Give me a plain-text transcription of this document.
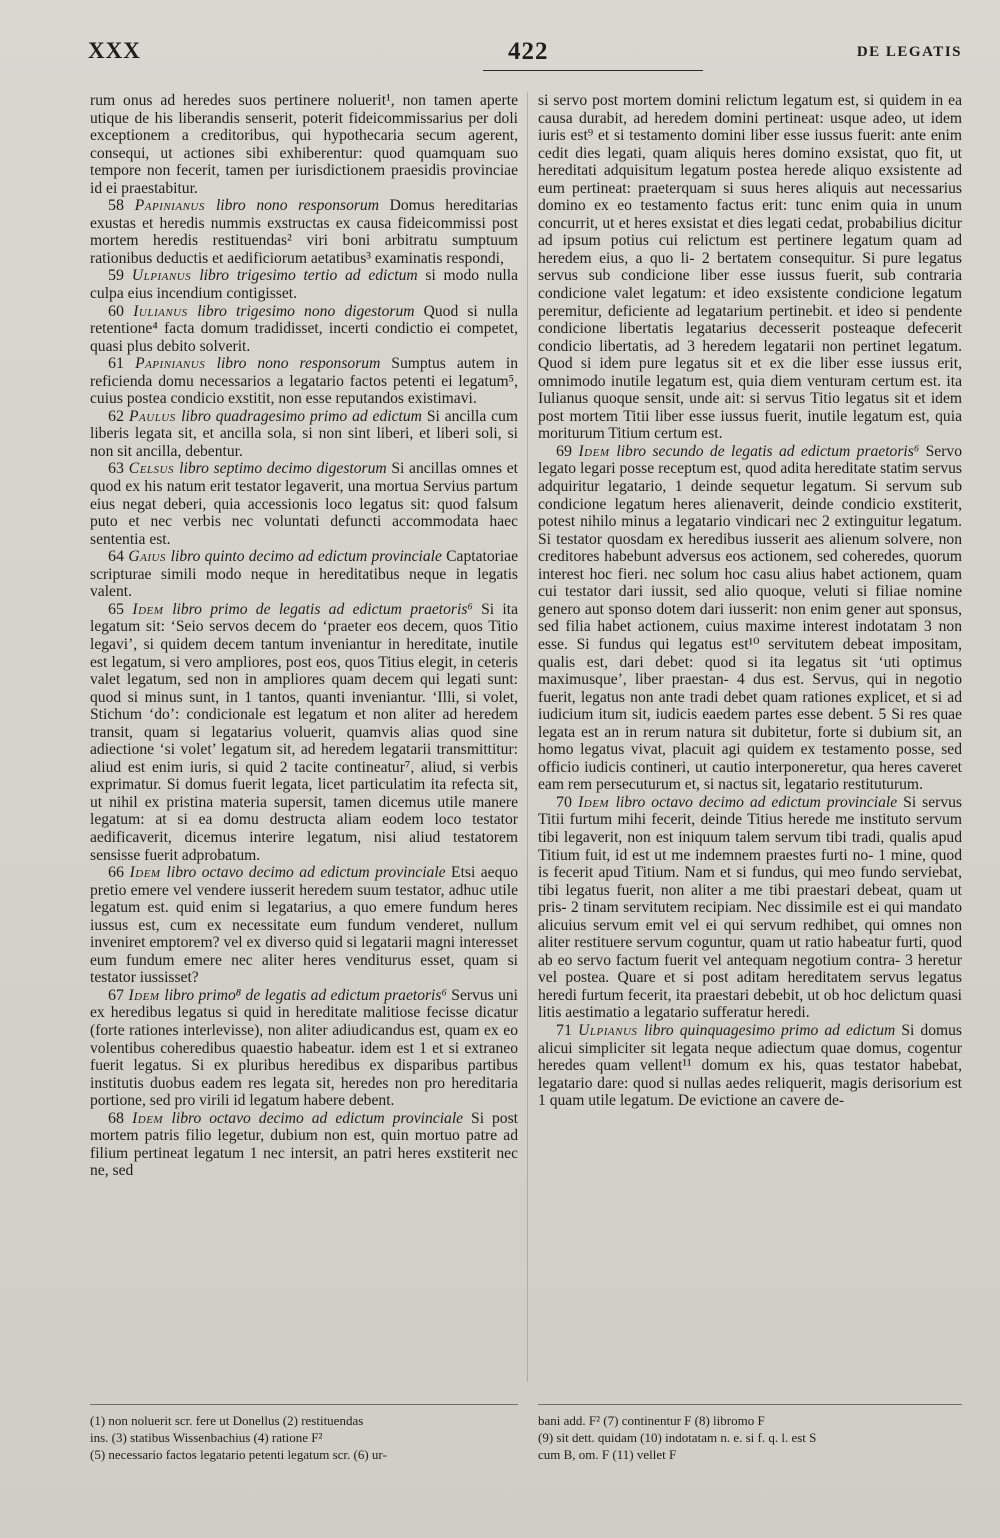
XXX	422	DE LEGATIS

rum onus ad heredes suos pertinere noluerit¹, non tamen aperte utique de his liberandis senserit, poterit fideicommissarius per doli exceptionem a creditoribus, qui hypothecaria secum agerent, consequi, ut actiones sibi exhiberentur: quod quamquam suo tempore non fecerit, tamen per iurisdictionem praesidis provinciae id ei praestabitur.

58 Papinianus libro nono responsorum Domus hereditarias exustas et heredis nummis exstructas ex causa fideicommissi post mortem heredis restituendas² viri boni arbitratu sumptuum rationibus deductis et aedificiorum aetatibus³ examinatis respondi,

59 Ulpianus libro trigesimo tertio ad edictum si modo nulla culpa eius incendium contigisset.

60 Iulianus libro trigesimo nono digestorum Quod si nulla retentione⁴ facta domum tradidisset, incerti condictio ei competet, quasi plus debito solverit.

61 Papinianus libro nono responsorum Sumptus autem in reficienda domu necessarios a legatario factos petenti ei legatum⁵, cuius postea condicio exstitit, non esse reputandos existimavi.

62 Paulus libro quadragesimo primo ad edictum Si ancilla cum liberis legata sit, et ancilla sola, si non sint liberi, et liberi soli, si non sit ancilla, debentur.

63 Celsus libro septimo decimo digestorum Si ancillas omnes et quod ex his natum erit testator legaverit, una mortua Servius partum eius negat deberi, quia accessionis loco legatus sit: quod falsum puto et nec verbis nec voluntati defuncti accommodata haec sententia est.

64 Gaius libro quinto decimo ad edictum provinciale Captatoriae scripturae simili modo neque in hereditatibus neque in legatis valent.

65 Idem libro primo de legatis ad edictum praetoris⁶ Si ita legatum sit: ‘Seio servos decem do ‘praeter eos decem, quos Titio legavi’, si quidem decem tantum inveniantur in hereditate, inutile est legatum, si vero ampliores, post eos, quos Titius elegit, in ceteris valet legatum, sed non in ampliores quam decem qui legati sunt: quod si minus sunt, in 1 tantos, quanti inveniantur. ‘Illi, si volet, Stichum ‘do’: condicionale est legatum et non aliter ad heredem transit, quam si legatarius voluerit, quamvis alias quod sine adiectione ‘si volet’ legatum sit, ad heredem legatarii transmittitur: aliud est enim iuris, si quid 2 tacite contineatur⁷, aliud, si verbis exprimatur. Si domus fuerit legata, licet particulatim ita refecta sit, ut nihil ex pristina materia supersit, tamen dicemus utile manere legatum: at si ea domu destructa aliam eodem loco testator aedificaverit, dicemus interire legatum, nisi aliud testatorem sensisse fuerit adprobatum.

66 Idem libro octavo decimo ad edictum provinciale Etsi aequo pretio emere vel vendere iusserit heredem suum testator, adhuc utile legatum est. quid enim si legatarius, a quo emere fundum heres iussus est, cum ex necessitate eum fundum venderet, nullum inveniret emptorem? vel ex diverso quid si legatarii magni interesset eum fundum emere nec aliter heres venditurus esset, quam si testator iussisset?

67 Idem libro primo⁸ de legatis ad edictum praetoris⁶ Servus uni ex heredibus legatus si quid in hereditate malitiose fecisse dicatur (forte rationes interlevisse), non aliter adiudicandus est, quam ex eo volentibus coheredibus quaestio habeatur. idem est 1 et si extraneo fuerit legatus. Si ex pluribus heredibus ex disparibus partibus institutis duobus eadem res legata sit, heredes non pro hereditaria portione, sed pro virili id legatum habere debent.

68 Idem libro octavo decimo ad edictum provinciale Si post mortem patris filio legetur, dubium non est, quin mortuo patre ad filium pertineat legatum 1 nec intersit, an patri heres exstiterit nec ne, sed

si servo post mortem domini relictum legatum est, si quidem in ea causa durabit, ad heredem domini pertineat: usque adeo, ut idem iuris est⁹ et si testamento domini liber esse iussus fuerit: ante enim cedit dies legati, quam aliquis heres domino exsistat, quo fit, ut hereditati adquisitum legatum postea herede aliquo exsistente ad eum pertineat: praeterquam si suus heres aliquis aut necessarius domino ex eo testamento factus erit: tunc enim quia in unum concurrit, ut et heres exsistat et dies legati cedat, probabilius dicitur ad ipsum potius cui relictum est pertinere legatum quam ad heredem eius, a quo li- 2 bertatem consequitur. Si pure legatus servus sub condicione liber esse iussus fuerit, sub contraria condicione valet legatum: et ideo exsistente condicione legatum peremitur, deficiente ad legatarium pertinebit. et ideo si pendente condicione libertatis legatarius decesserit posteaque defecerit condicio libertatis, ad 3 heredem legatarii non pertinet legatum. Quod si idem pure legatus sit et ex die liber esse iussus erit, omnimodo inutile legatum est, quia diem venturam certum est. ita Iulianus quoque sensit, unde ait: si servus Titio legatus sit et idem post mortem Titii liber esse iussus fuerit, inutile legatum est, quia moriturum Titium certum est.

69 Idem libro secundo de legatis ad edictum praetoris⁶ Servo legato legari posse receptum est, quod adita hereditate statim servus adquiritur legatario, 1 deinde sequetur legatum. Si servum sub condicione legatum heres alienaverit, deinde condicio exstiterit, potest nihilo minus a legatario vindicari nec 2 extinguitur legatum. Si testator quosdam ex heredibus iusserit aes alienum solvere, non creditores habebunt adversus eos actionem, sed coheredes, quorum interest hoc fieri. nec solum hoc casu alius habet actionem, quam cui testator dari iussit, sed alio quoque, veluti si filiae nomine genero aut sponso dotem dari iusserit: non enim gener aut sponsus, sed filia habet actionem, cuius maxime interest indotatam 3 non esse. Si fundus qui legatus est¹⁰ servitutem debeat impositam, qualis est, dari debet: quod si ita legatus sit ‘uti optimus maximusque’, liber praestan- 4 dus est. Servus, qui in negotio fuerit, legatus non ante tradi debet quam rationes explicet, et si ad iudicium itum sit, iudicis eaedem partes esse debent. 5 Si res quae legata est an in rerum natura sit dubitetur, forte si dubium sit, an homo legatus vivat, placuit agi quidem ex testamento posse, sed officio iudicis contineri, ut cautio interponeretur, qua heres caveret eam rem persecuturum et, si nactus sit, legatario restituturum.

70 Idem libro octavo decimo ad edictum provinciale Si servus Titii furtum mihi fecerit, deinde Titius herede me instituto servum tibi legaverit, non est iniquum talem servum tibi tradi, qualis apud Titium fuit, id est ut me indemnem praestes furti no- 1 mine, quod is fecerit apud Titium. Nam et si fundus, qui meo fundo serviebat, tibi legatus fuerit, non aliter a me tibi praestari debeat, quam ut pris- 2 tinam servitutem recipiam. Nec dissimile est ei qui mandato alicuius servum emit vel ei qui servum redhibet, qui omnes non aliter restituere servum coguntur, quam ut ratio habeatur furti, quod ab eo servo factum fuerit vel antequam negotium contra- 3 heretur vel postea. Quare et si post aditam hereditatem servus legatus heredi furtum fecerit, ita praestari debebit, ut ob hoc delictum quasi litis aestimatio a legatario sufferatur heredi.

71 Ulpianus libro quinquagesimo primo ad edictum Si domus alicui simpliciter sit legata neque adiectum quae domus, cogentur heredes quam vellent¹¹ domum ex his, quas testator habebat, legatario dare: quod si nullas aedes reliquerit, magis derisorium est 1 quam utile legatum. De evictione an cavere de-

(1) non noluerit scr. fere ut Donellus (2) restituendas
ins. (3) statibus Wissenbachius (4) ratione F²
(5) necessario factos legatario petenti legatum scr. (6) ur-
bani add. F² (7) continentur F (8) libromo F
(9) sit dett. quidam (10) indotatam n. e. si f. q. l. est S
cum B, om. F (11) vellet F
